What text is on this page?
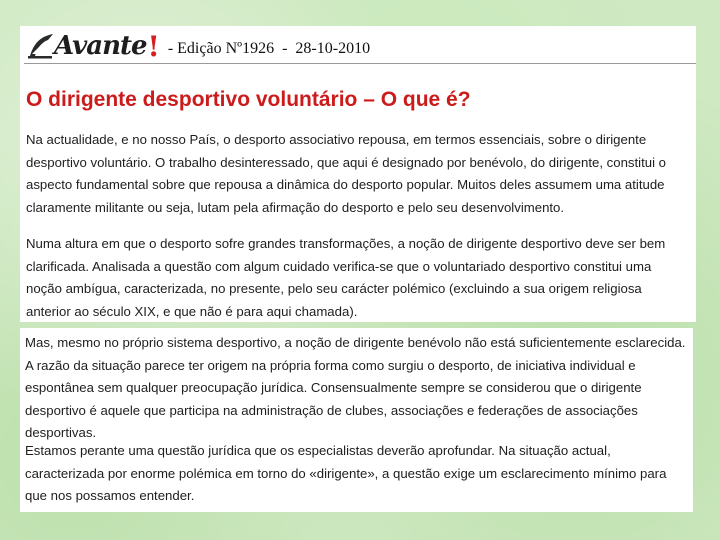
Avante ! - Edição Nº1926  -  28-10-2010
O dirigente desportivo voluntário – O que é?

Na actualidade, e no nosso País, o desporto associativo repousa, em termos essenciais, sobre o dirigente desportivo voluntário. O trabalho desinteressado, que aqui é designado por benévolo, do dirigente, constitui o aspecto fundamental sobre que repousa a dinâmica do desporto popular. Muitos deles assumem uma atitude claramente militante ou seja, lutam pela afirmação do desporto e pelo seu desenvolvimento.

Numa altura em que o desporto sofre grandes transformações, a noção de dirigente desportivo deve ser bem clarificada. Analisada a questão com algum cuidado verifica-se que o voluntariado desportivo constitui uma noção ambígua, caracterizada, no presente, pelo seu carácter polémico (excluindo a sua origem religiosa anterior ao século XIX, e que não é para aqui chamada).

Mas, mesmo no próprio sistema desportivo, a noção de dirigente benévolo não está suficientemente esclarecida. A razão da situação parece ter origem na própria forma como surgiu o desporto, de iniciativa individual e espontânea sem qualquer preocupação jurídica. Consensualmente sempre se considerou que o dirigente desportivo é aquele que participa na administração de clubes, associações e federações de associações desportivas.

Estamos perante uma questão jurídica que os especialistas deverão aprofundar. Na situação actual, caracterizada por enorme polémica em torno do «dirigente», a questão exige um esclarecimento mínimo para que nos possamos entender.
